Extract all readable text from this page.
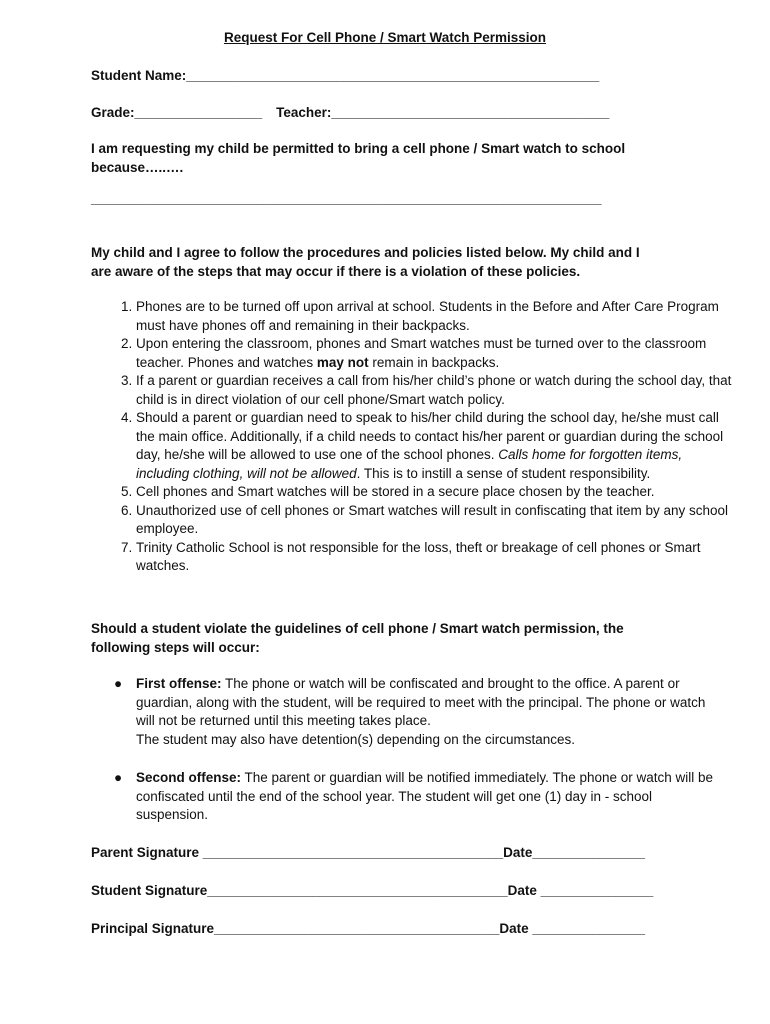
Request For Cell Phone / Smart Watch Permission
Student Name:_______________________________________________________
Grade:_________________ Teacher:_____________________________________
I am requesting my child be permitted to bring a cell phone / Smart watch to school
because…..….
____________________________________________________________________
My child and I agree to follow the procedures and policies listed below. My child and I
are aware of the steps that may occur if there is a violation of these policies.
1. Phones are to be turned off upon arrival at school. Students in the Before and After Care Program must have phones off and remaining in their backpacks.
2. Upon entering the classroom, phones and Smart watches must be turned over to the classroom teacher. Phones and watches may not remain in backpacks.
3. If a parent or guardian receives a call from his/her child’s phone or watch during the school day, that child is in direct violation of our cell phone/Smart watch policy.
4. Should a parent or guardian need to speak to his/her child during the school day, he/she must call the main office. Additionally, if a child needs to contact his/her parent or guardian during the school day, he/she will be allowed to use one of the school phones. Calls home for forgotten items, including clothing, will not be allowed. This is to instill a sense of student responsibility.
5. Cell phones and Smart watches will be stored in a secure place chosen by the teacher.
6. Unauthorized use of cell phones or Smart watches will result in confiscating that item by any school employee.
7. Trinity Catholic School is not responsible for the loss, theft or breakage of cell phones or Smart watches.
Should a student violate the guidelines of cell phone / Smart watch permission, the
following steps will occur:
● First offense: The phone or watch will be confiscated and brought to the office. A parent or guardian, along with the student, will be required to meet with the principal. The phone or watch will not be returned until this meeting takes place.
The student may also have detention(s) depending on the circumstances.
● Second offense: The parent or guardian will be notified immediately. The phone or watch will be confiscated until the end of the school year. The student will get one (1) day in - school suspension.
Parent Signature ________________________________________Date_______________
Student Signature________________________________________Date _______________
Principal Signature______________________________________Date _______________
